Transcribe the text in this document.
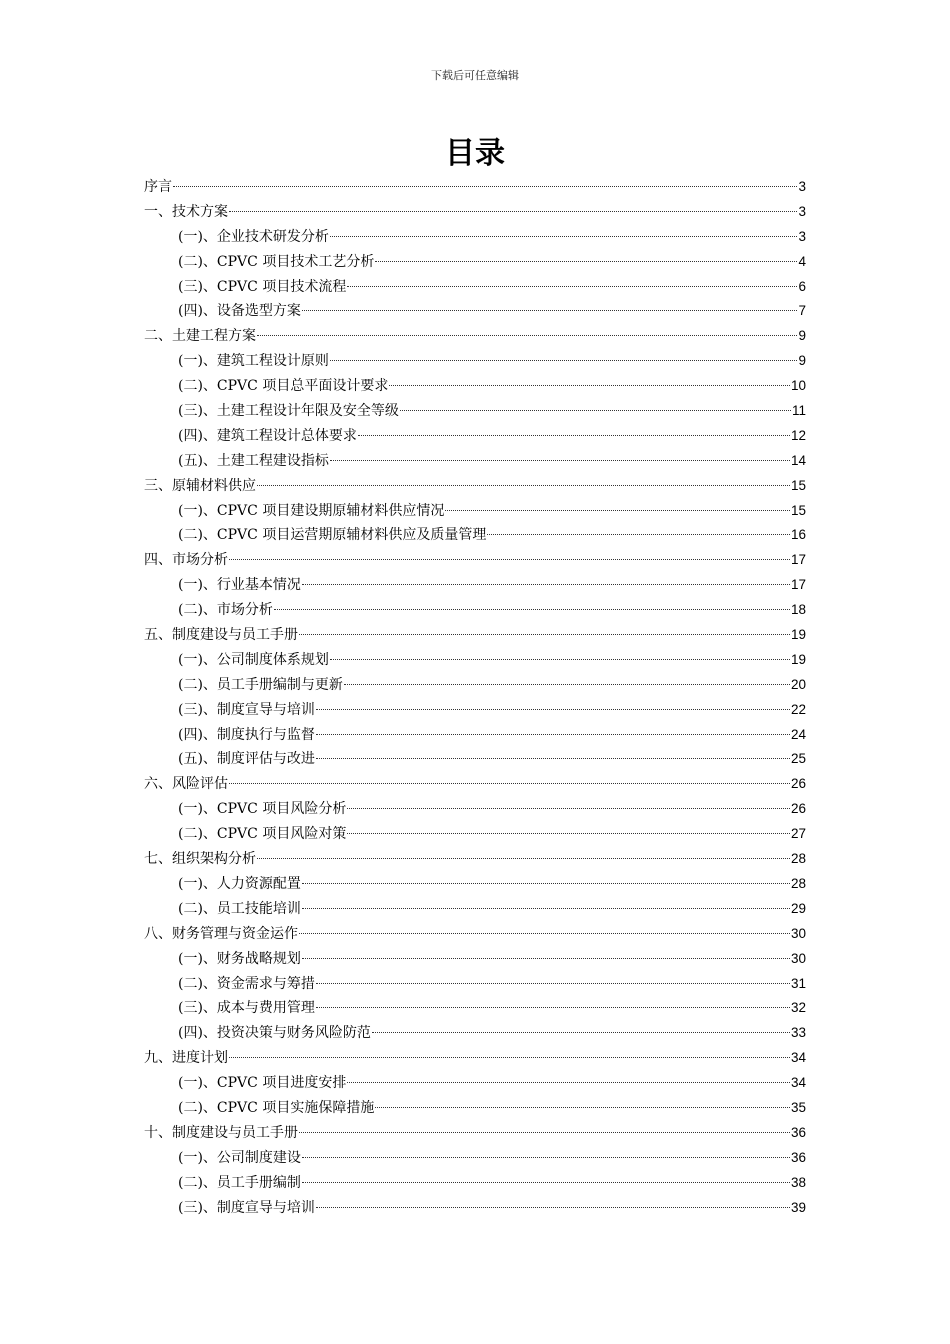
下载后可任意编辑
目录
序言	3
一、技术方案	3
(一)、企业技术研发分析	3
(二)、CPVC 项目技术工艺分析	4
(三)、CPVC 项目技术流程	6
(四)、设备选型方案	7
二、土建工程方案	9
(一)、建筑工程设计原则	9
(二)、CPVC 项目总平面设计要求	10
(三)、土建工程设计年限及安全等级	11
(四)、建筑工程设计总体要求	12
(五)、土建工程建设指标	14
三、原辅材料供应	15
(一)、CPVC 项目建设期原辅材料供应情况	15
(二)、CPVC 项目运营期原辅材料供应及质量管理	16
四、市场分析	17
(一)、行业基本情况	17
(二)、市场分析	18
五、制度建设与员工手册	19
(一)、公司制度体系规划	19
(二)、员工手册编制与更新	20
(三)、制度宣导与培训	22
(四)、制度执行与监督	24
(五)、制度评估与改进	25
六、风险评估	26
(一)、CPVC 项目风险分析	26
(二)、CPVC 项目风险对策	27
七、组织架构分析	28
(一)、人力资源配置	28
(二)、员工技能培训	29
八、财务管理与资金运作	30
(一)、财务战略规划	30
(二)、资金需求与筹措	31
(三)、成本与费用管理	32
(四)、投资决策与财务风险防范	33
九、进度计划	34
(一)、CPVC 项目进度安排	34
(二)、CPVC 项目实施保障措施	35
十、制度建设与员工手册	36
(一)、公司制度建设	36
(二)、员工手册编制	38
(三)、制度宣导与培训	39
